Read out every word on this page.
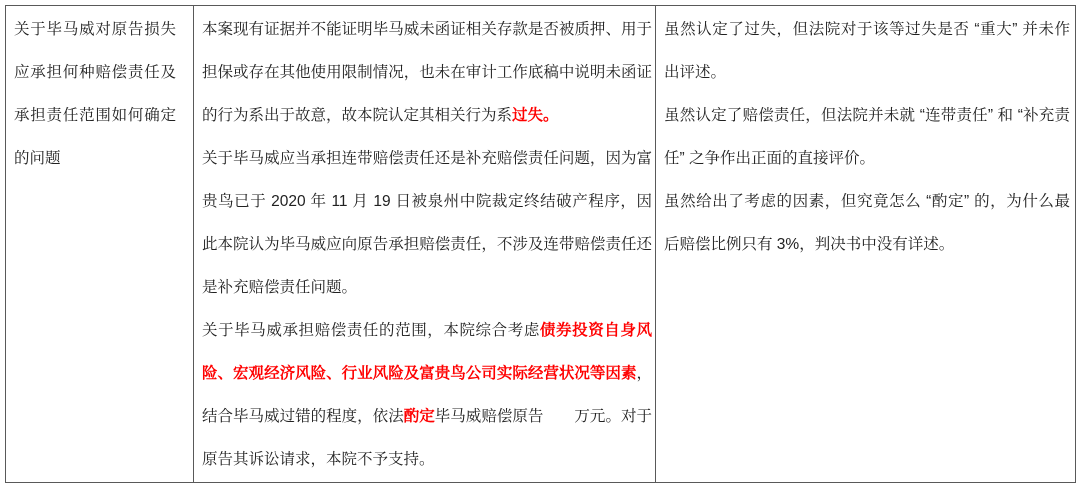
关于毕马威对原告损失应承担何种赔偿责任及承担责任范围如何确定的问题

本案现有证据并不能证明毕马威未函证相关存款是否被质押、用于担保或存在其他使用限制情况，也未在审计工作底稿中说明未函证的行为系出于故意，故本院认定其相关行为系过失。
关于毕马威应当承担连带赔偿责任还是补充赔偿责任问题，因为富贵鸟已于 2020 年 11 月 19 日被泉州中院裁定终结破产程序，因此本院认为毕马威应向原告承担赔偿责任，不涉及连带赔偿责任还是补充赔偿责任问题。
关于毕马威承担赔偿责任的范围，本院综合考虑债券投资自身风险、宏观经济风险、行业风险及富贵鸟公司实际经营状况等因素，结合毕马威过错的程度，依法酌定毕马威赔偿原告　　万元。对于原告其诉讼请求，本院不予支持。

虽然认定了过失，但法院对于该等过失是否 “重大” 并未作出评述。
虽然认定了赔偿责任，但法院并未就 “连带责任” 和 “补充责任” 之争作出正面的直接评价。
虽然给出了考虑的因素，但究竟怎么 “酌定” 的，为什么最后赔偿比例只有 3%，判决书中没有详述。
